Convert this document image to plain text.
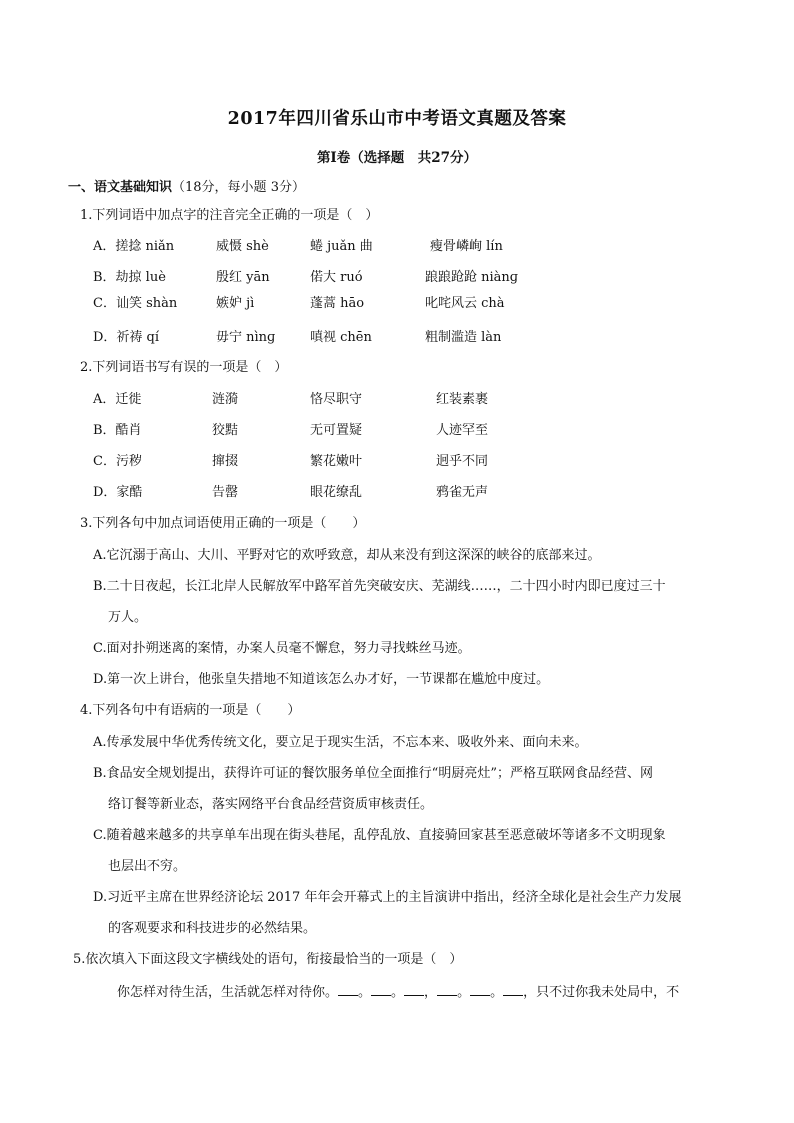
2017年四川省乐山市中考语文真题及答案
第Ⅰ卷（选择题　共27分）
一、语文基础知识（18分，每小题 3分）
1.下列词语中加点字的注音完全正确的一项是（　）
A．搓捻 niǎn	威慑 shè	蜷 juǎn 曲	瘦骨嶙峋 lín
B．劫掠 luè	殷红 yān	偌大 ruó	踉踉跄跄 niànɡ
C．讪笑 shàn	嫉妒 jì	蓬蒿 hāo	叱咤风云 chà
D．祈祷 qí	毋宁 nìnɡ	嗔视 chēn	粗制滥造 làn
2.下列词语书写有误的一项是（　）
A．迁徙	涟漪	恪尽职守	红装素裹
B．酷肖	狡黠	无可置疑	人迹罕至
C．污秽	撺掇	繁花嫩叶	迥乎不同
D．家酷	告罄	眼花缭乱	鸦雀无声
3.下列各句中加点词语使用正确的一项是（　　）
A.它沉溺于高山、大川、平野对它的欢呼致意，却从来没有到这深深的峡谷的底部来过。
B.二十日夜起，长江北岸人民解放军中路军首先突破安庆、芜湖线……，二十四小时内即已度过三十
万人。
C.面对扑朔迷离的案情，办案人员毫不懈怠，努力寻找蛛丝马迹。
D.第一次上讲台，他张皇失措地不知道该怎么办才好，一节课都在尴尬中度过。
4.下列各句中有语病的一项是（　　）
A.传承发展中华优秀传统文化，要立足于现实生活，不忘本来、吸收外来、面向未来。
B.食品安全规划提出，获得许可证的餐饮服务单位全面推行“明厨亮灶”；严格互联网食品经营、网
络订餐等新业态，落实网络平台食品经营资质审核责任。
C.随着越来越多的共享单车出现在街头巷尾，乱停乱放、直接骑回家甚至恶意破坏等诸多不文明现象
也层出不穷。
D.习近平主席在世界经济论坛 2017 年年会开幕式上的主旨演讲中指出，经济全球化是社会生产力发展
的客观要求和科技进步的必然结果。
5.依次填入下面这段文字横线处的语句，衔接最恰当的一项是（　）
你怎样对待生活，生活就怎样对待你。 。 。 ， 。 。 ，只不过你我未处局中，不
